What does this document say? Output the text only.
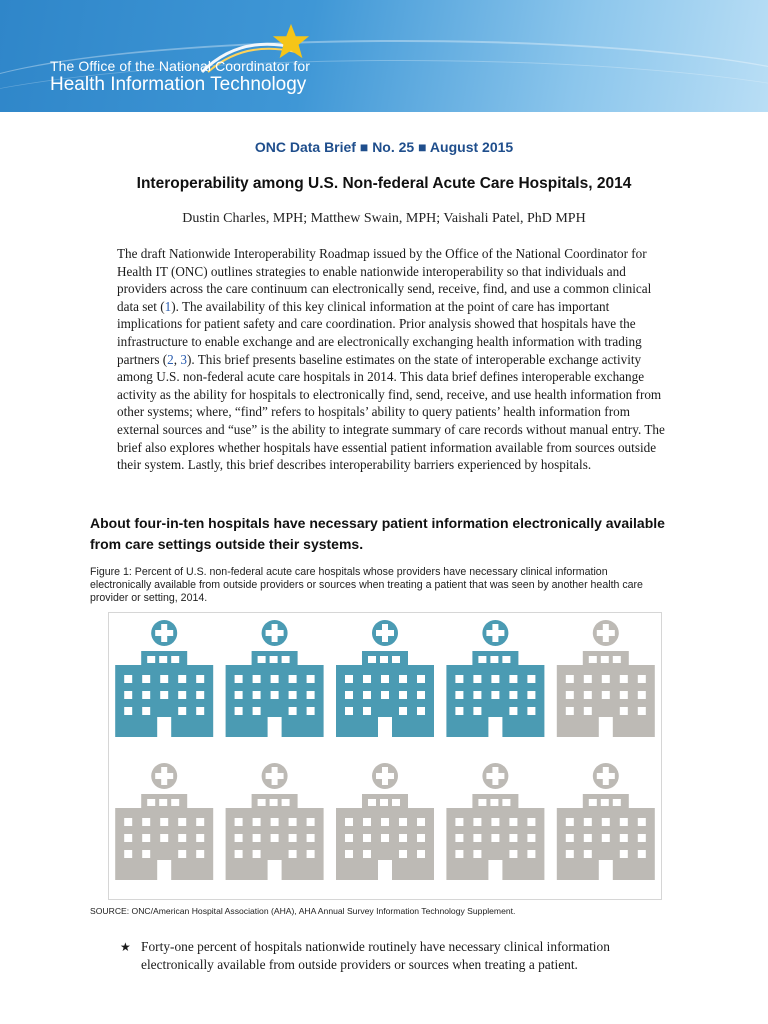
The Office of the National Coordinator for
Health Information Technology
ONC Data Brief ■ No. 25 ■ August 2015
Interoperability among U.S. Non-federal Acute Care Hospitals, 2014
Dustin Charles, MPH; Matthew Swain, MPH; Vaishali Patel, PhD MPH
The draft Nationwide Interoperability Roadmap issued by the Office of the National Coordinator for Health IT (ONC) outlines strategies to enable nationwide interoperability so that individuals and providers across the care continuum can electronically send, receive, find, and use a common clinical data set (1). The availability of this key clinical information at the point of care has important implications for patient safety and care coordination. Prior analysis showed that hospitals have the infrastructure to enable exchange and are electronically exchanging health information with trading partners (2, 3). This brief presents baseline estimates on the state of interoperable exchange activity among U.S. non-federal acute care hospitals in 2014. This data brief defines interoperable exchange activity as the ability for hospitals to electronically find, send, receive, and use health information from other systems; where, “find” refers to hospitals’ ability to query patients’ health information from external sources and “use” is the ability to integrate summary of care records without manual entry. The brief also explores whether hospitals have essential patient information available from sources outside their system. Lastly, this brief describes interoperability barriers experienced by hospitals.
About four-in-ten hospitals have necessary patient information electronically available from care settings outside their systems.
Figure 1: Percent of U.S. non-federal acute care hospitals whose providers have necessary clinical information electronically available from outside providers or sources when treating a patient that was seen by another health care provider or setting, 2014.
SOURCE: ONC/American Hospital Association (AHA), AHA Annual Survey Information Technology Supplement.
★ Forty-one percent of hospitals nationwide routinely have necessary clinical information electronically available from outside providers or sources when treating a patient.
